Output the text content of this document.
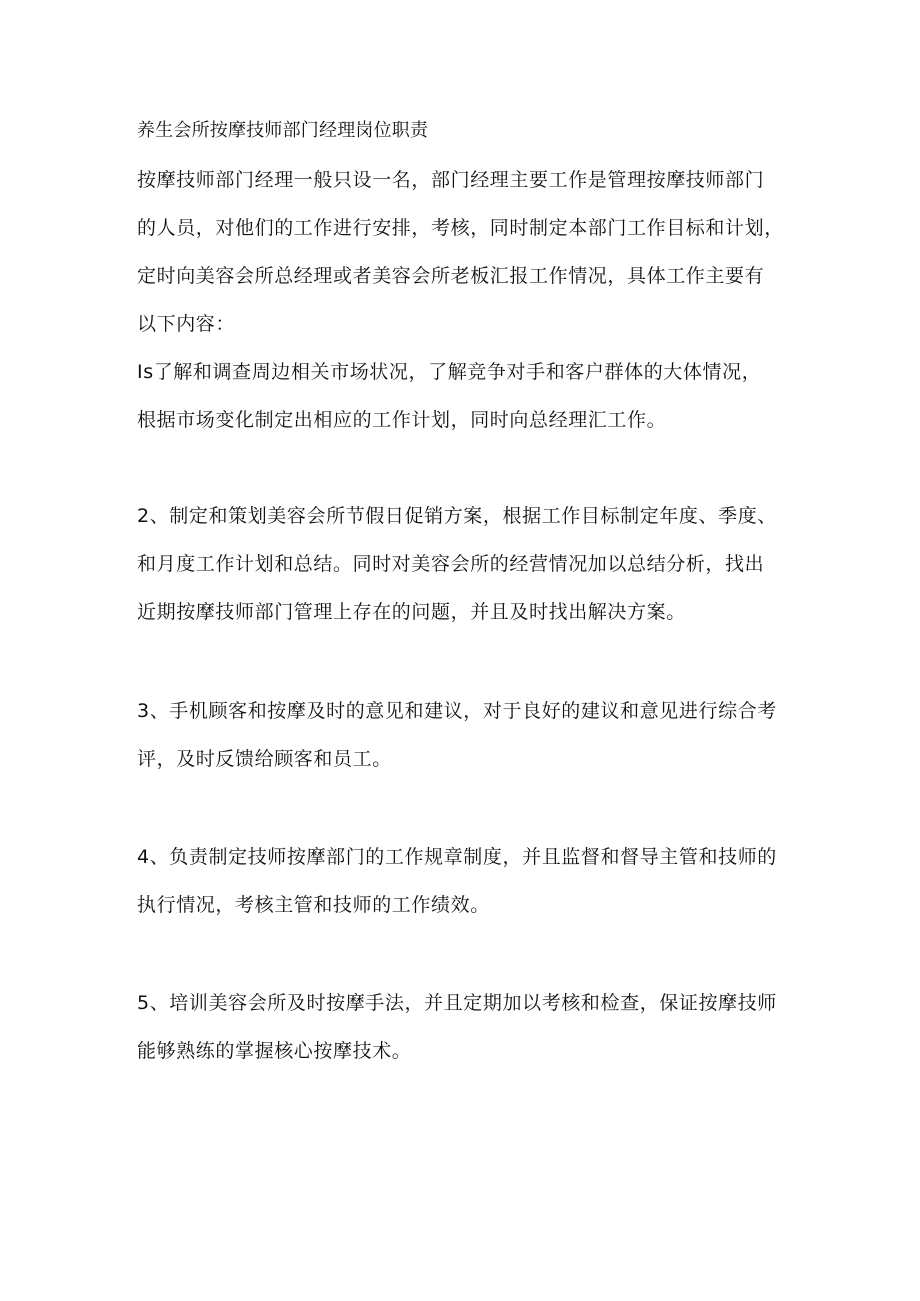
养生会所按摩技师部门经理岗位职责
按摩技师部门经理一般只设一名，部门经理主要工作是管理按摩技师部门
的人员，对他们的工作进行安排，考核，同时制定本部门工作目标和计划，
定时向美容会所总经理或者美容会所老板汇报工作情况，具体工作主要有
以下内容：
Is了解和调查周边相关市场状况，了解竞争对手和客户群体的大体情况，
根据市场变化制定出相应的工作计划，同时向总经理汇工作。
2、制定和策划美容会所节假日促销方案，根据工作目标制定年度、季度、
和月度工作计划和总结。同时对美容会所的经营情况加以总结分析，找出
近期按摩技师部门管理上存在的问题，并且及时找出解决方案。
3、手机顾客和按摩及时的意见和建议，对于良好的建议和意见进行综合考
评，及时反馈给顾客和员工。
4、负责制定技师按摩部门的工作规章制度，并且监督和督导主管和技师的
执行情况，考核主管和技师的工作绩效。
5、培训美容会所及时按摩手法，并且定期加以考核和检查，保证按摩技师
能够熟练的掌握核心按摩技术。
